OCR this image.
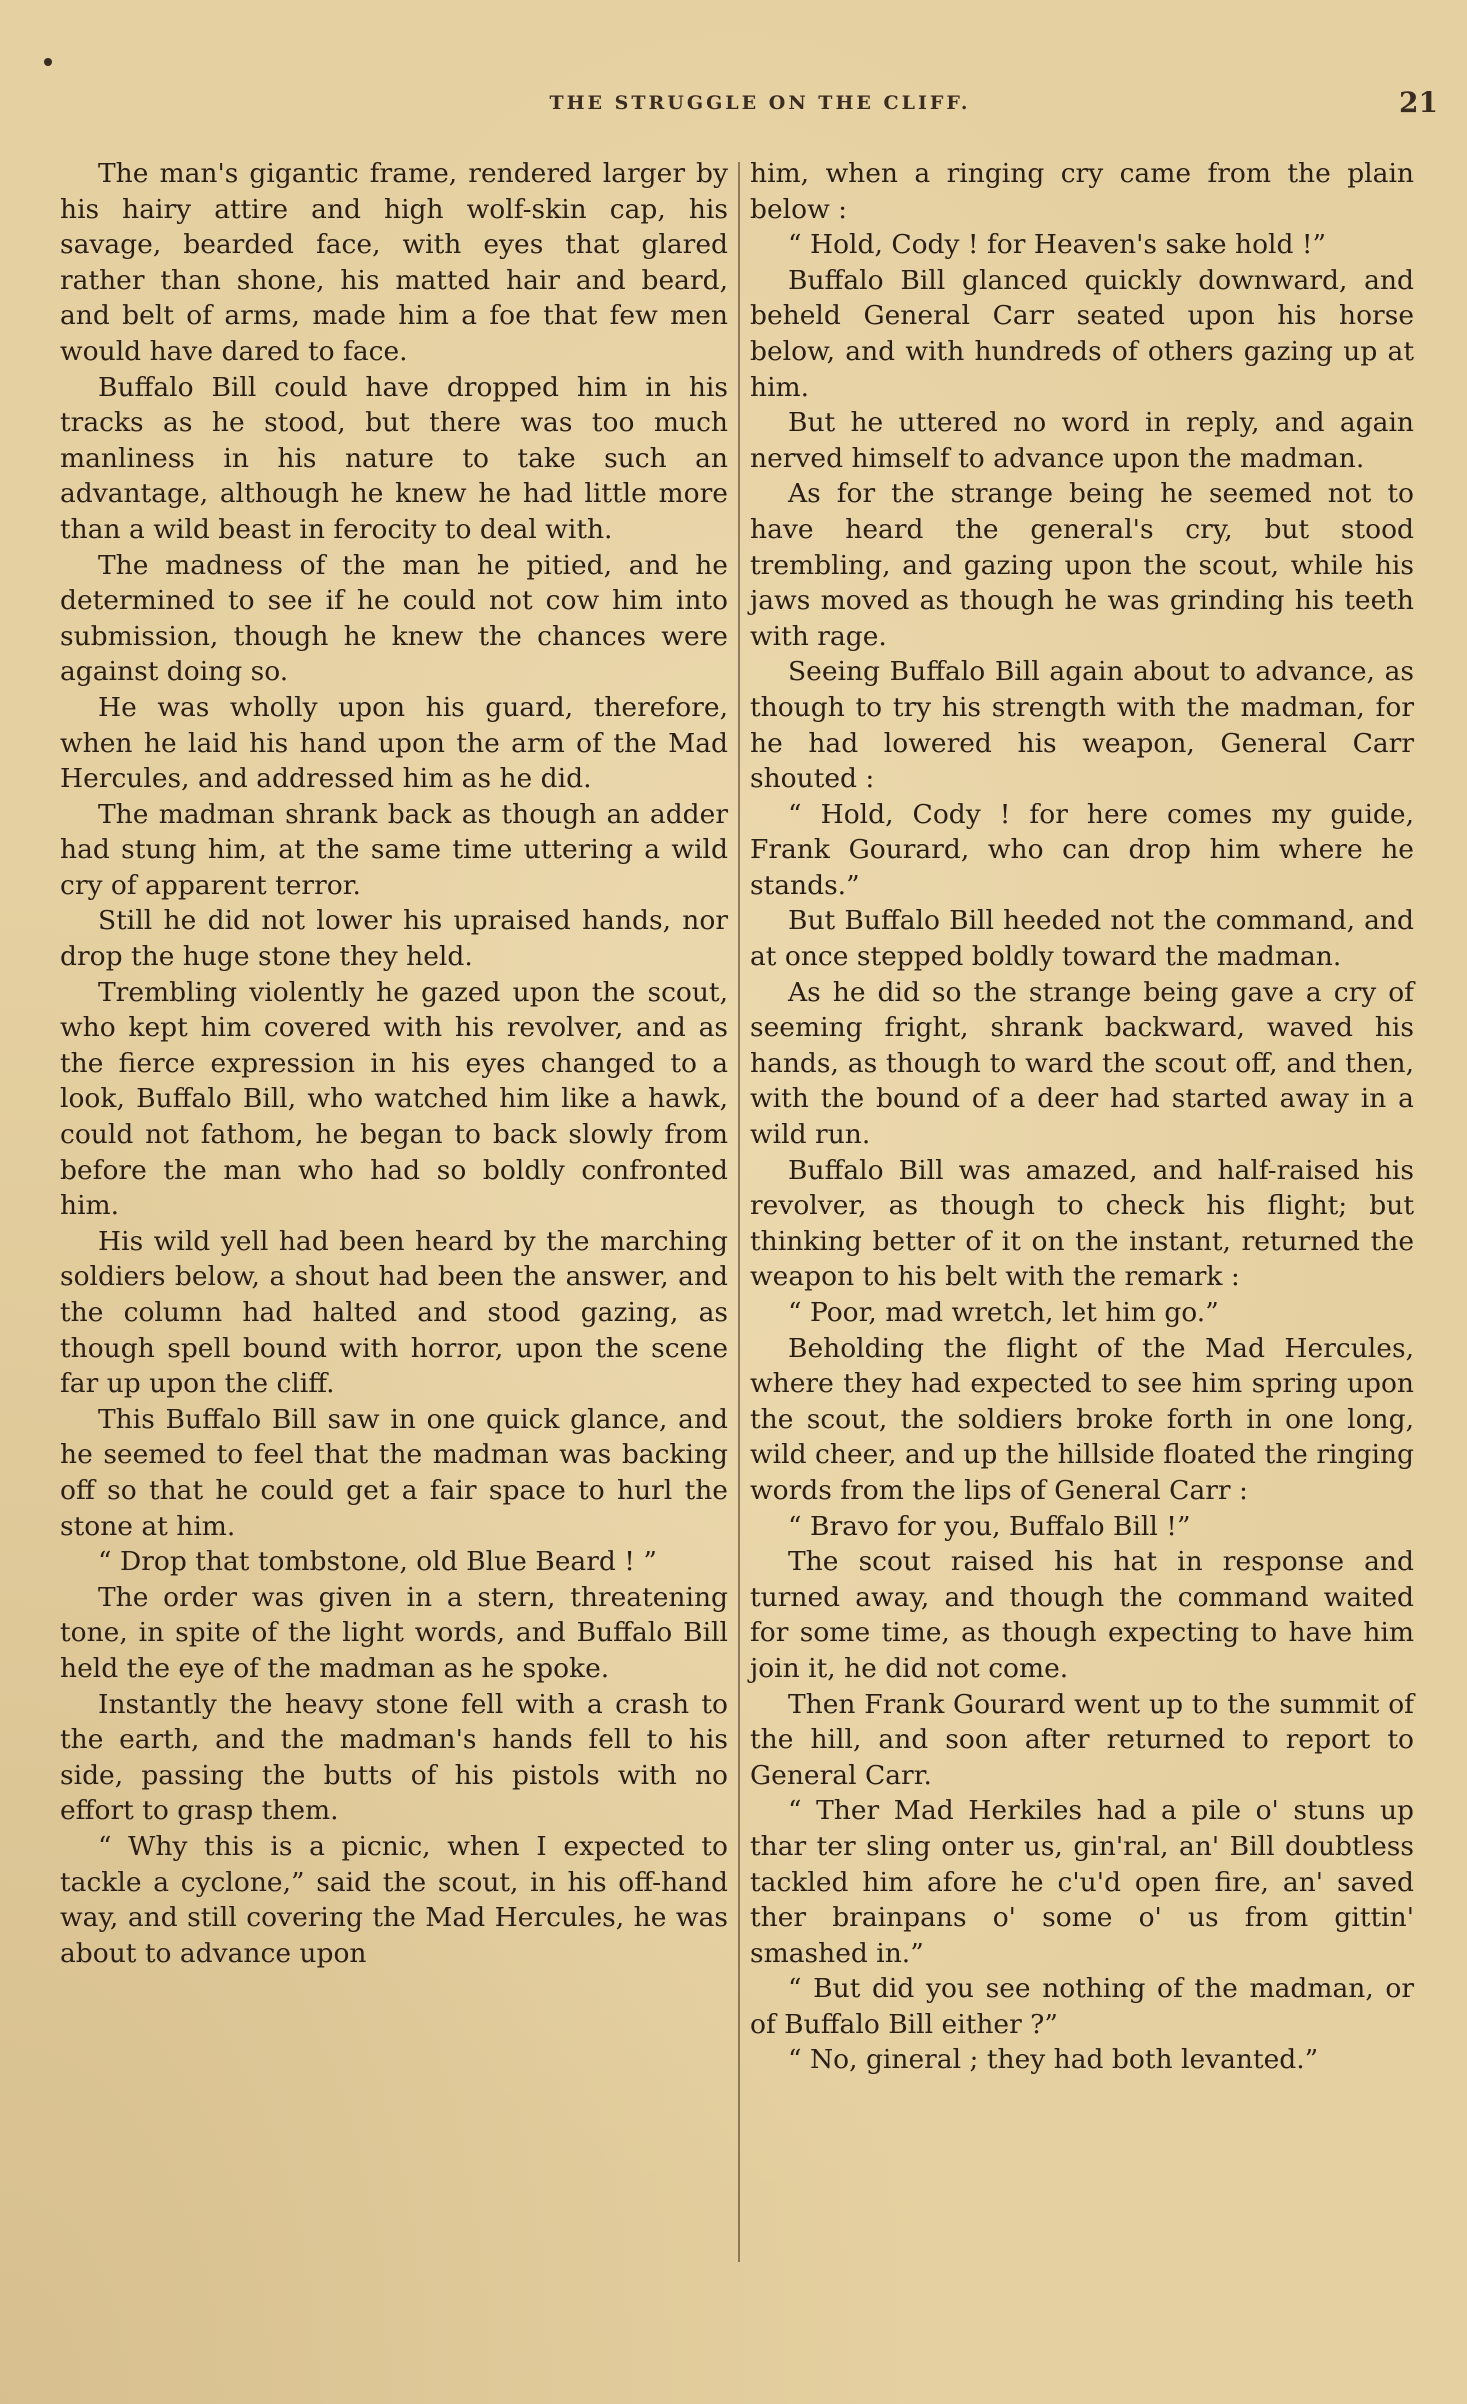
THE STRUGGLE ON THE CLIFF.	21

The man's gigantic frame, rendered larger by his hairy attire and high wolf-skin cap, his savage, bearded face, with eyes that glared rather than shone, his matted hair and beard, and belt of arms, made him a foe that few men would have dared to face.

Buffalo Bill could have dropped him in his tracks as he stood, but there was too much manliness in his nature to take such an advantage, although he knew he had little more than a wild beast in ferocity to deal with.

The madness of the man he pitied, and he determined to see if he could not cow him into submission, though he knew the chances were against doing so.

He was wholly upon his guard, therefore, when he laid his hand upon the arm of the Mad Hercules, and addressed him as he did.

The madman shrank back as though an adder had stung him, at the same time uttering a wild cry of apparent terror.

Still he did not lower his upraised hands, nor drop the huge stone they held.

Trembling violently he gazed upon the scout, who kept him covered with his revolver, and as the fierce expression in his eyes changed to a look, Buffalo Bill, who watched him like a hawk, could not fathom, he began to back slowly from before the man who had so boldly confronted him.

His wild yell had been heard by the marching soldiers below, a shout had been the answer, and the column had halted and stood gazing, as though spell bound with horror, upon the scene far up upon the cliff.

This Buffalo Bill saw in one quick glance, and he seemed to feel that the madman was backing off so that he could get a fair space to hurl the stone at him.

“ Drop that tombstone, old Blue Beard ! ”

The order was given in a stern, threatening tone, in spite of the light words, and Buffalo Bill held the eye of the madman as he spoke.

Instantly the heavy stone fell with a crash to the earth, and the madman's hands fell to his side, passing the butts of his pistols with no effort to grasp them.

“ Why this is a picnic, when I expected to tackle a cyclone,” said the scout, in his off-hand way, and still covering the Mad Hercules, he was about to advance upon

him, when a ringing cry came from the plain below :

“ Hold, Cody ! for Heaven's sake hold !”

Buffalo Bill glanced quickly downward, and beheld General Carr seated upon his horse below, and with hundreds of others gazing up at him.

But he uttered no word in reply, and again nerved himself to advance upon the madman.

As for the strange being he seemed not to have heard the general's cry, but stood trembling, and gazing upon the scout, while his jaws moved as though he was grinding his teeth with rage.

Seeing Buffalo Bill again about to advance, as though to try his strength with the madman, for he had lowered his weapon, General Carr shouted :

“ Hold, Cody ! for here comes my guide, Frank Gourard, who can drop him where he stands.”

But Buffalo Bill heeded not the command, and at once stepped boldly toward the madman.

As he did so the strange being gave a cry of seeming fright, shrank backward, waved his hands, as though to ward the scout off, and then, with the bound of a deer had started away in a wild run.

Buffalo Bill was amazed, and half-raised his revolver, as though to check his flight; but thinking better of it on the instant, returned the weapon to his belt with the remark :

“ Poor, mad wretch, let him go.”

Beholding the flight of the Mad Hercules, where they had expected to see him spring upon the scout, the soldiers broke forth in one long, wild cheer, and up the hillside floated the ringing words from the lips of General Carr :

“ Bravo for you, Buffalo Bill !”

The scout raised his hat in response and turned away, and though the command waited for some time, as though expecting to have him join it, he did not come.

Then Frank Gourard went up to the summit of the hill, and soon after returned to report to General Carr.

“ Ther Mad Herkiles had a pile o' stuns up thar ter sling onter us, gin'ral, an' Bill doubtless tackled him afore he c'u'd open fire, an' saved ther brainpans o' some o' us from gittin' smashed in.”

“ But did you see nothing of the madman, or of Buffalo Bill either ?”

“ No, gineral ; they had both levanted.”
